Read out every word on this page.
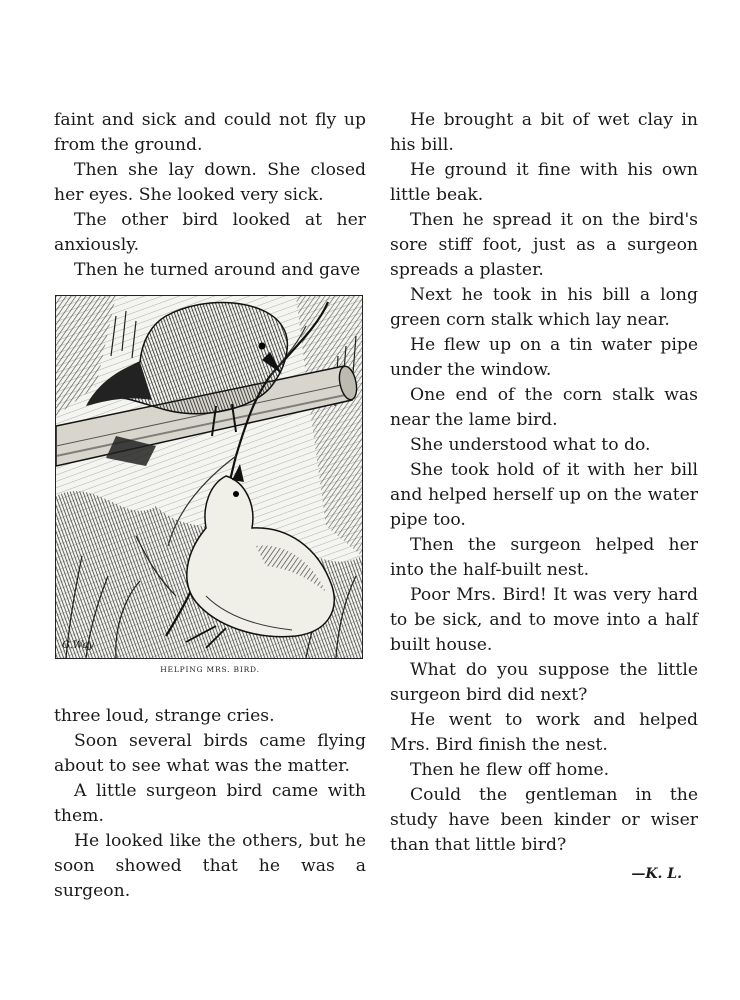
faint and sick and could not fly up from the ground.

Then she lay down. She closed her eyes. She looked very sick.

The other bird looked at her anxiously.

Then he turned around and gave

G.Way

HELPING MRS. BIRD.

three loud, strange cries.

Soon several birds came flying about to see what was the matter.

A little surgeon bird came with them.

He looked like the others, but he soon showed that he was a surgeon.

He brought a bit of wet clay in his bill.

He ground it fine with his own little beak.

Then he spread it on the bird's sore stiff foot, just as a surgeon spreads a plaster.

Next he took in his bill a long green corn stalk which lay near.

He flew up on a tin water pipe under the window.

One end of the corn stalk was near the lame bird.

She understood what to do.

She took hold of it with her bill and helped herself up on the water pipe too.

Then the surgeon helped her into the half-built nest.

Poor Mrs. Bird! It was very hard to be sick, and to move into a half built house.

What do you suppose the little surgeon bird did next?

He went to work and helped Mrs. Bird finish the nest.

Then he flew off home.

Could the gentleman in the study have been kinder or wiser than that little bird?

—K. L.
